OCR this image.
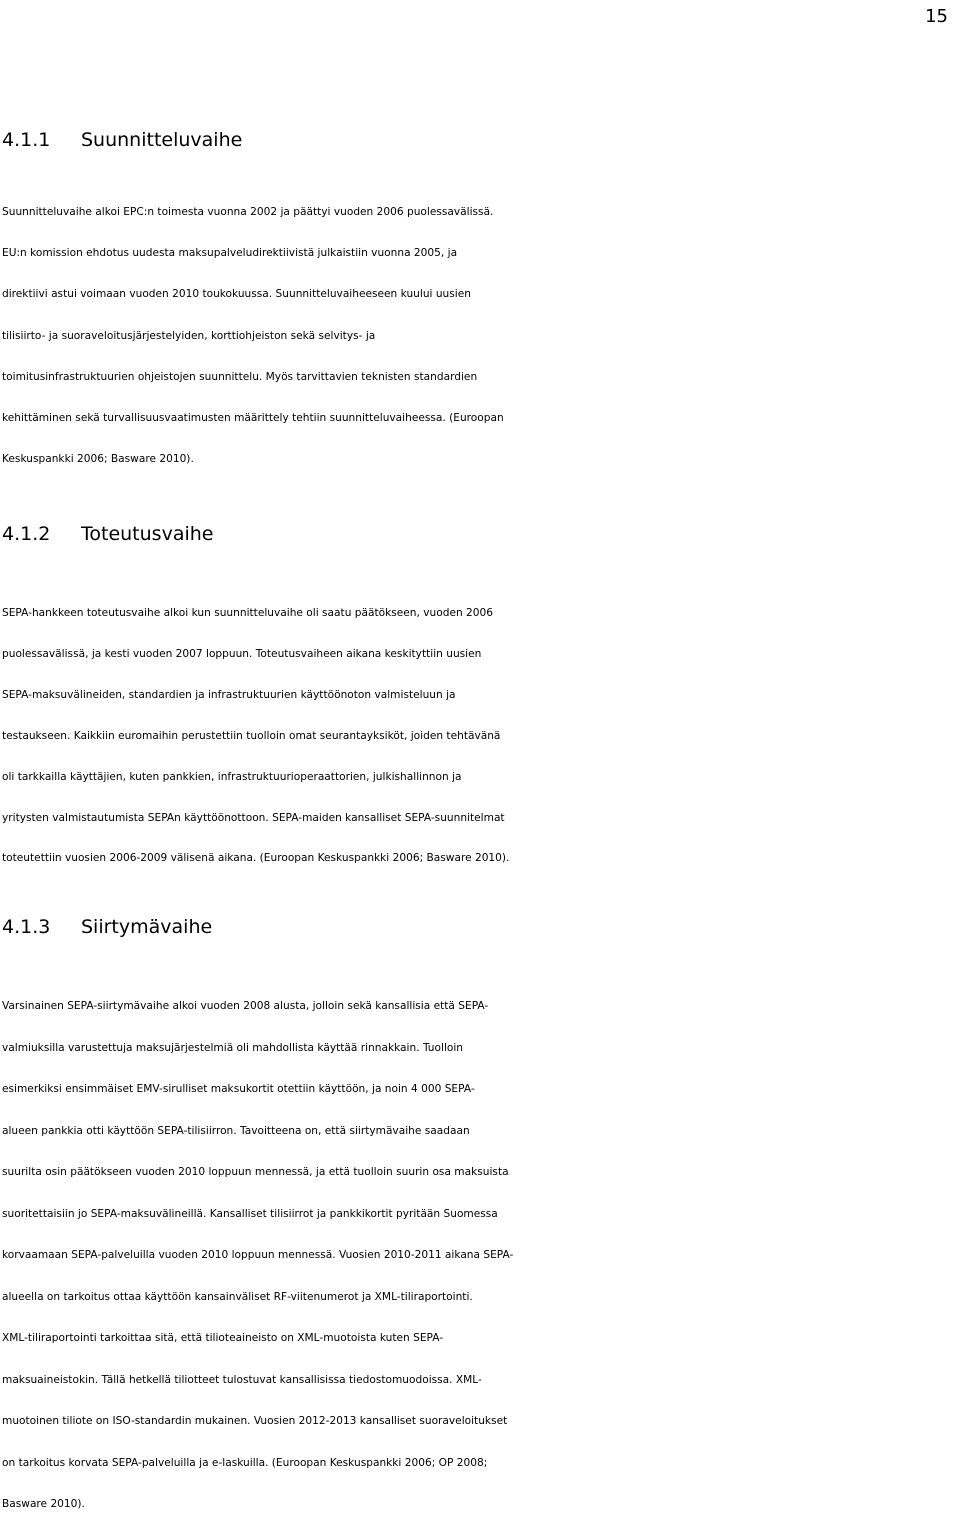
15
4.1.1 Suunnitteluvaihe
Suunnitteluvaihe alkoi EPC:n toimesta vuonna 2002 ja päättyi vuoden 2006 puolessavälissä.
EU:n komission ehdotus uudesta maksupalveludirektiivistä julkaistiin vuonna 2005, ja
direktiivi astui voimaan vuoden 2010 toukokuussa. Suunnitteluvaiheeseen kuului uusien
tilisiirto- ja suoraveloitusjärjestelyiden, korttiohjeiston sekä selvitys- ja
toimitusinfrastruktuurien ohjeistojen suunnittelu. Myös tarvittavien teknisten standardien
kehittäminen sekä turvallisuusvaatimusten määrittely tehtiin suunnitteluvaiheessa. (Euroopan
Keskuspankki 2006; Basware 2010).
4.1.2 Toteutusvaihe
SEPA-hankkeen toteutusvaihe alkoi kun suunnitteluvaihe oli saatu päätökseen, vuoden 2006
puolessavälissä, ja kesti vuoden 2007 loppuun. Toteutusvaiheen aikana keskityttiin uusien
SEPA-maksuvälineiden, standardien ja infrastruktuurien käyttöönoton valmisteluun ja
testaukseen. Kaikkiin euromaihin perustettiin tuolloin omat seurantayksiköt, joiden tehtävänä
oli tarkkailla käyttäjien, kuten pankkien, infrastruktuurioperaattorien, julkishallinnon ja
yritysten valmistautumista SEPAn käyttöönottoon. SEPA-maiden kansalliset SEPA-suunnitelmat
toteutettiin vuosien 2006-2009 välisenä aikana. (Euroopan Keskuspankki 2006; Basware 2010).
4.1.3 Siirtymävaihe
Varsinainen SEPA-siirtymävaihe alkoi vuoden 2008 alusta, jolloin sekä kansallisia että SEPA-
valmiuksilla varustettuja maksujärjestelmiä oli mahdollista käyttää rinnakkain. Tuolloin
esimerkiksi ensimmäiset EMV-sirulliset maksukortit otettiin käyttöön, ja noin 4 000 SEPA-
alueen pankkia otti käyttöön SEPA-tilisiirron. Tavoitteena on, että siirtymävaihe saadaan
suurilta osin päätökseen vuoden 2010 loppuun mennessä, ja että tuolloin suurin osa maksuista
suoritettaisiin jo SEPA-maksuvälineillä. Kansalliset tilisiirrot ja pankkikortit pyritään Suomessa
korvaamaan SEPA-palveluilla vuoden 2010 loppuun mennessä. Vuosien 2010-2011 aikana SEPA-
alueella on tarkoitus ottaa käyttöön kansainväliset RF-viitenumerot ja XML-tiliraportointi.
XML-tiliraportointi tarkoittaa sitä, että tilioteaineisto on XML-muotoista kuten SEPA-
maksuaineistokin. Tällä hetkellä tiliotteet tulostuvat kansallisissa tiedostomuodoissa. XML-
muotoinen tiliote on ISO-standardin mukainen. Vuosien 2012-2013 kansalliset suoraveloitukset
on tarkoitus korvata SEPA-palveluilla ja e-laskuilla. (Euroopan Keskuspankki 2006; OP 2008;
Basware 2010).
